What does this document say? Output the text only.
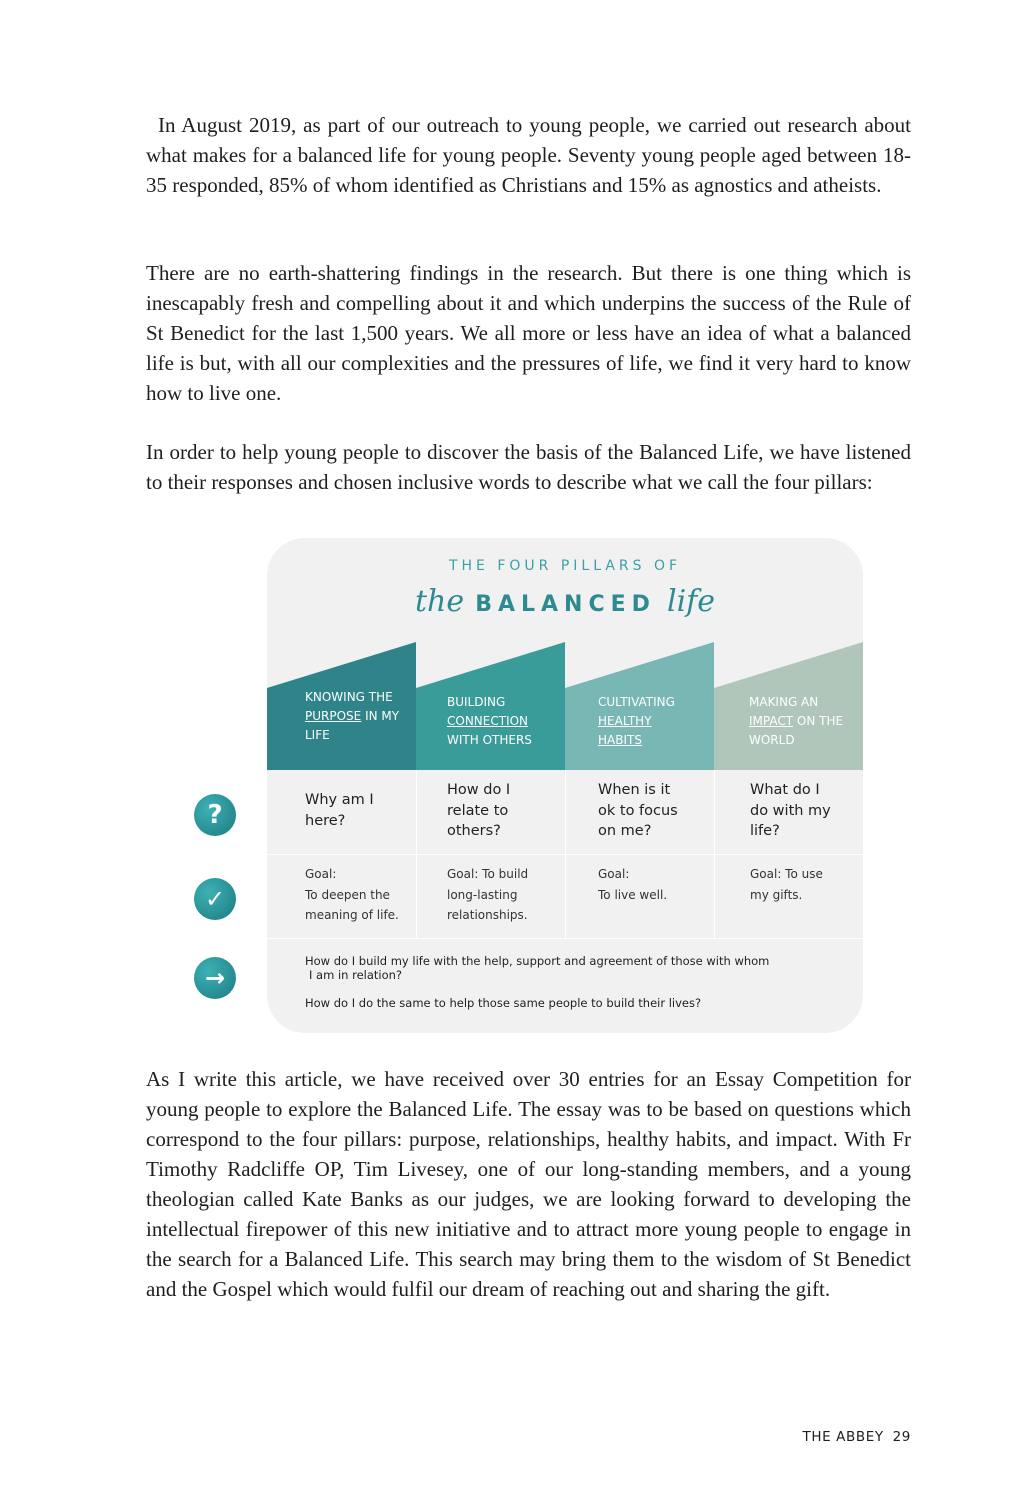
In August 2019, as part of our outreach to young people, we carried out research about what makes for a balanced life for young people. Seventy young people aged between 18-35 responded, 85% of whom identified as Christians and 15% as agnostics and atheists.

There are no earth-shattering findings in the research. But there is one thing which is inescapably fresh and compelling about it and which underpins the success of the Rule of St Benedict for the last 1,500 years. We all more or less have an idea of what a balanced life is but, with all our complexities and the pressures of life, we find it very hard to know how to live one.

In order to help young people to discover the basis of the Balanced Life, we have listened to their responses and chosen inclusive words to describe what we call the four pillars:

THE FOUR PILLARS OF
the BALANCED life
KNOWING THE
PURPOSE IN MY LIFE
BUILDING
CONNECTION
WITH OTHERS
CULTIVATING
HEALTHY HABITS
MAKING AN
IMPACT ON THE WORLD
Why am I here?
How do I relate to others?
When is it ok to focus on me?
What do I do with my life?
Goal:
To deepen the
meaning of life.
Goal: To build
long-lasting
relationships.
Goal:
To live well.
Goal: To use
my gifts.
How do I build my life with the help, support and agreement of those with whom
I am in relation?
How do I do the same to help those same people to build their lives?
?
✓
→

As I write this article, we have received over 30 entries for an Essay Competition for young people to explore the Balanced Life. The essay was to be based on questions which correspond to the four pillars: purpose, relationships, healthy habits, and impact. With Fr Timothy Radcliffe OP, Tim Livesey, one of our long-standing members, and a young theologian called Kate Banks as our judges, we are looking forward to developing the intellectual firepower of this new initiative and to attract more young people to engage in the search for a Balanced Life. This search may bring them to the wisdom of St Benedict and the Gospel which would fulfil our dream of reaching out and sharing the gift.

THE ABBEY 29
